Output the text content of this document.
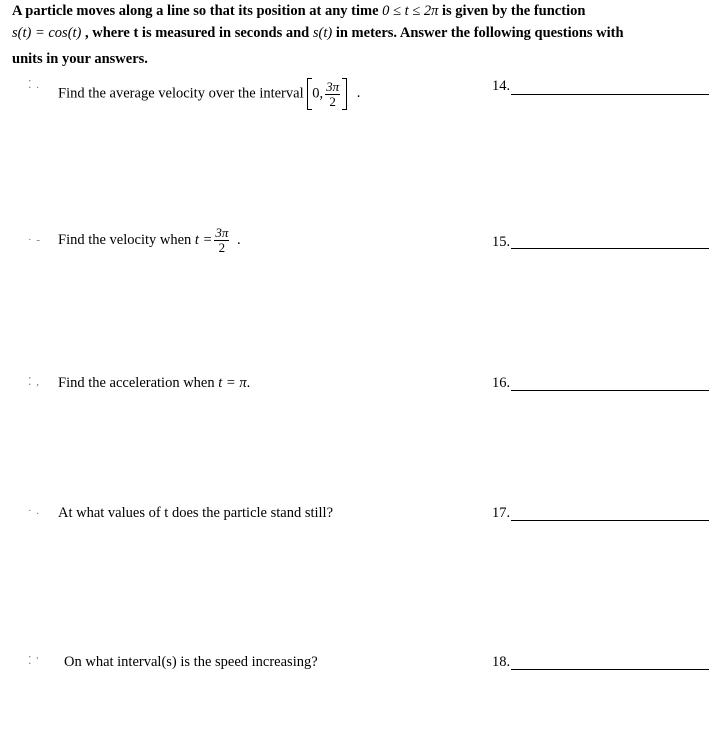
A particle moves along a line so that its position at any time 0 ≤ t ≤ 2π is given by the function
s(t) = cos(t) , where t is measured in seconds and s(t) in meters. Answer the following questions with
units in your answers.
⁚ .
Find the average velocity over the interval 0, $\frac{3\pi}{2}$ .	14.
· - Find the velocity when $t = \frac{3\pi}{2}$ .	15.
⁚ , Find the acceleration when t = π.	16.
· . At what values of t does the particle stand still?	17.
⁚ ' On what interval(s) is the speed increasing?	18.
